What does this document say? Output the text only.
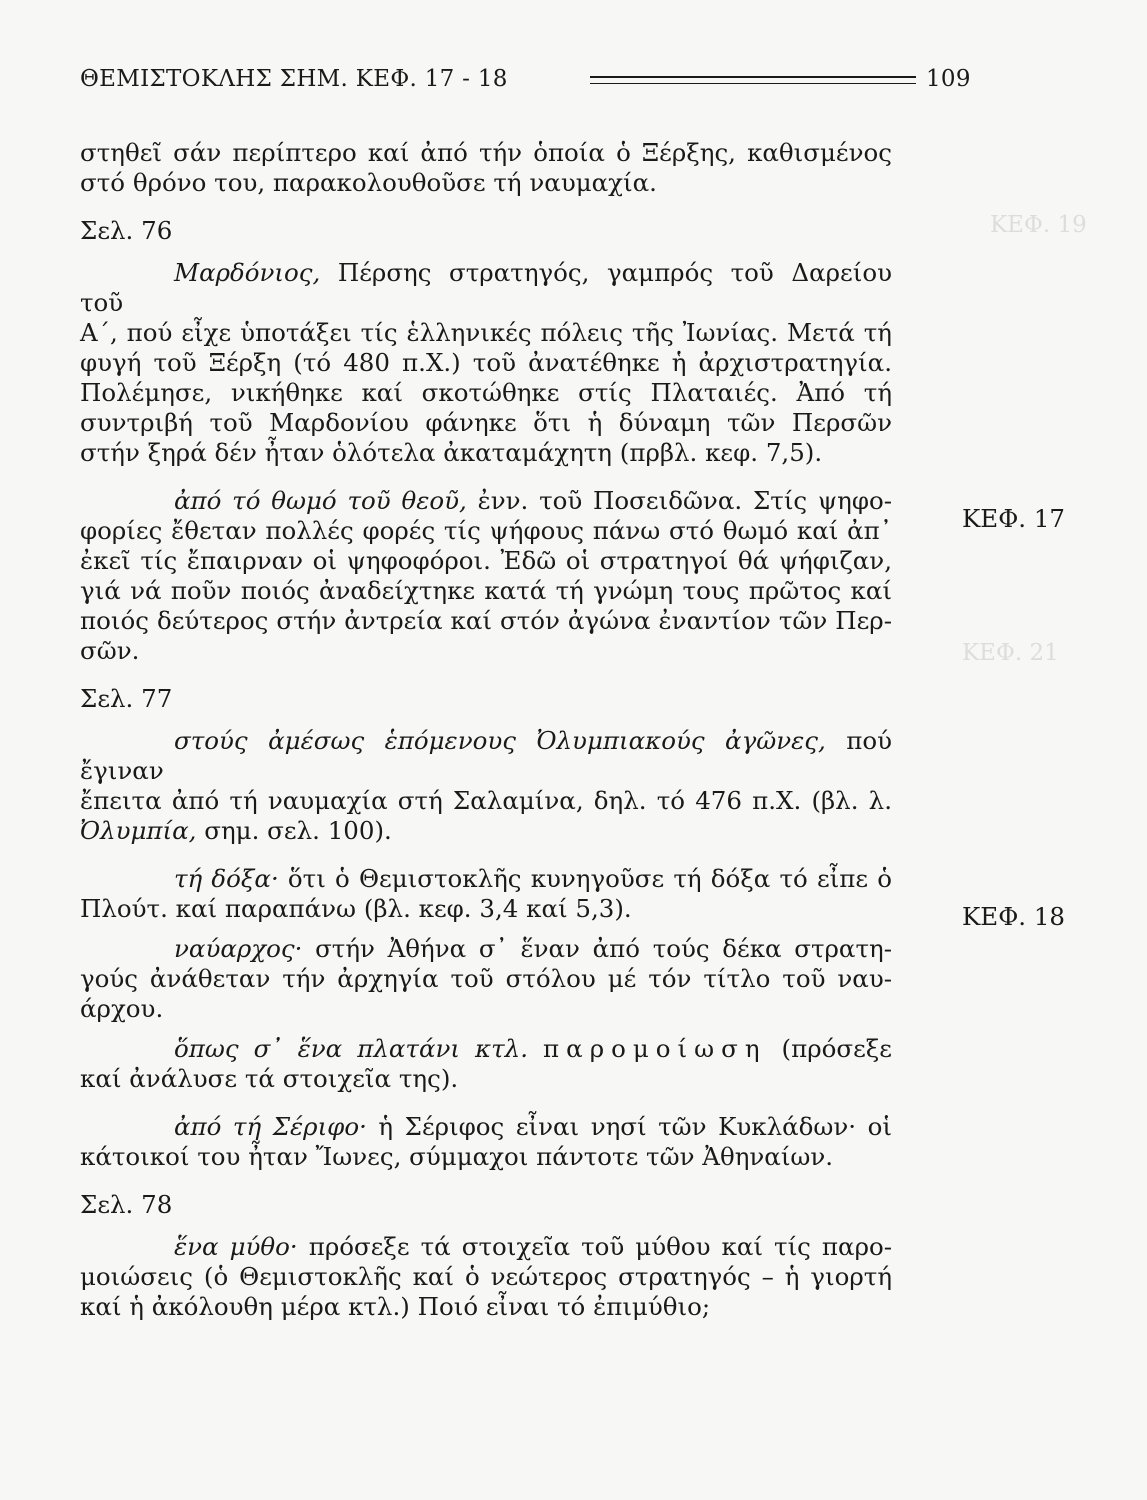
ΚΕΦ. 19
ΚΕΦ. 21
ΘΕΜΙΣΤΟΚΛΗΣ ΣΗΜ. ΚΕΦ. 17 - 18	109

στηθεῖ σάν περίπτερο καί ἀπό τήν ὁποία ὁ Ξέρξης, καθισμένος

στό θρόνο του, παρακολουθοῦσε τή ναυμαχία.

Σελ. 76

Μαρδόνιος, Πέρσης στρατηγός, γαμπρός τοῦ Δαρείου τοῦ

Α΄, πού εἶχε ὑποτάξει τίς ἑλληνικές πόλεις τῆς Ἰωνίας. Μετά τή

φυγή τοῦ Ξέρξη (τό 480 π.Χ.) τοῦ ἀνατέθηκε ἡ ἀρχιστρατηγία.

Πολέμησε, νικήθηκε καί σκοτώθηκε στίς Πλαταιές. Ἀπό τή

συντριβή τοῦ Μαρδονίου φάνηκε ὅτι ἡ δύναμη τῶν Περσῶν

στήν ξηρά δέν ἦταν ὁλότελα ἀκαταμάχητη (πρβλ. κεφ. 7,5).

ἀπό τό θωμό τοῦ θεοῦ, ἐνν. τοῦ Ποσειδῶνα. Στίς ψηφο-

φορίες ἔθεταν πολλές φορές τίς ψήφους πάνω στό θωμό καί ἀπ᾽

ἐκεῖ τίς ἔπαιρναν οἱ ψηφοφόροι. Ἐδῶ οἱ στρατηγοί θά ψήφιζαν,

γιά νά ποῦν ποιός ἀναδείχτηκε κατά τή γνώμη τους πρῶτος καί

ποιός δεύτερος στήν ἀντρεία καί στόν ἀγώνα ἐναντίον τῶν Περ-

σῶν.

Σελ. 77

στούς ἀμέσως ἑπόμενους Ὀλυμπιακούς ἀγῶνες, πού ἔγιναν

ἔπειτα ἀπό τή ναυμαχία στή Σαλαμίνα, δηλ. τό 476 π.Χ. (βλ. λ.

Ὀλυμπία, σημ. σελ. 100).

τή δόξα· ὅτι ὁ Θεμιστοκλῆς κυνηγοῦσε τή δόξα τό εἶπε ὁ

Πλούτ. καί παραπάνω (βλ. κεφ. 3,4 καί 5,3).

ναύαρχος· στήν Ἀθήνα σ᾽ ἕναν ἀπό τούς δέκα στρατη-

γούς ἀνάθεταν τήν ἀρχηγία τοῦ στόλου μέ τόν τίτλο τοῦ ναυ-

άρχου.

ὅπως σ᾽ ἕνα πλατάνι κτλ. παρομοίωση (πρόσεξε

καί ἀνάλυσε τά στοιχεῖα της).

ἀπό τή Σέριφο· ἡ Σέριφος εἶναι νησί τῶν Κυκλάδων· οἱ

κάτοικοί του ἦταν Ἴωνες, σύμμαχοι πάντοτε τῶν Ἀθηναίων.

Σελ. 78

ἕνα μύθο· πρόσεξε τά στοιχεῖα τοῦ μύθου καί τίς παρο-

μοιώσεις (ὁ Θεμιστοκλῆς καί ὁ νεώτερος στρατηγός – ἡ γιορτή

καί ἡ ἀκόλουθη μέρα κτλ.) Ποιό εἶναι τό ἐπιμύθιο;

ΚΕΦ. 17
ΚΕΦ. 18
